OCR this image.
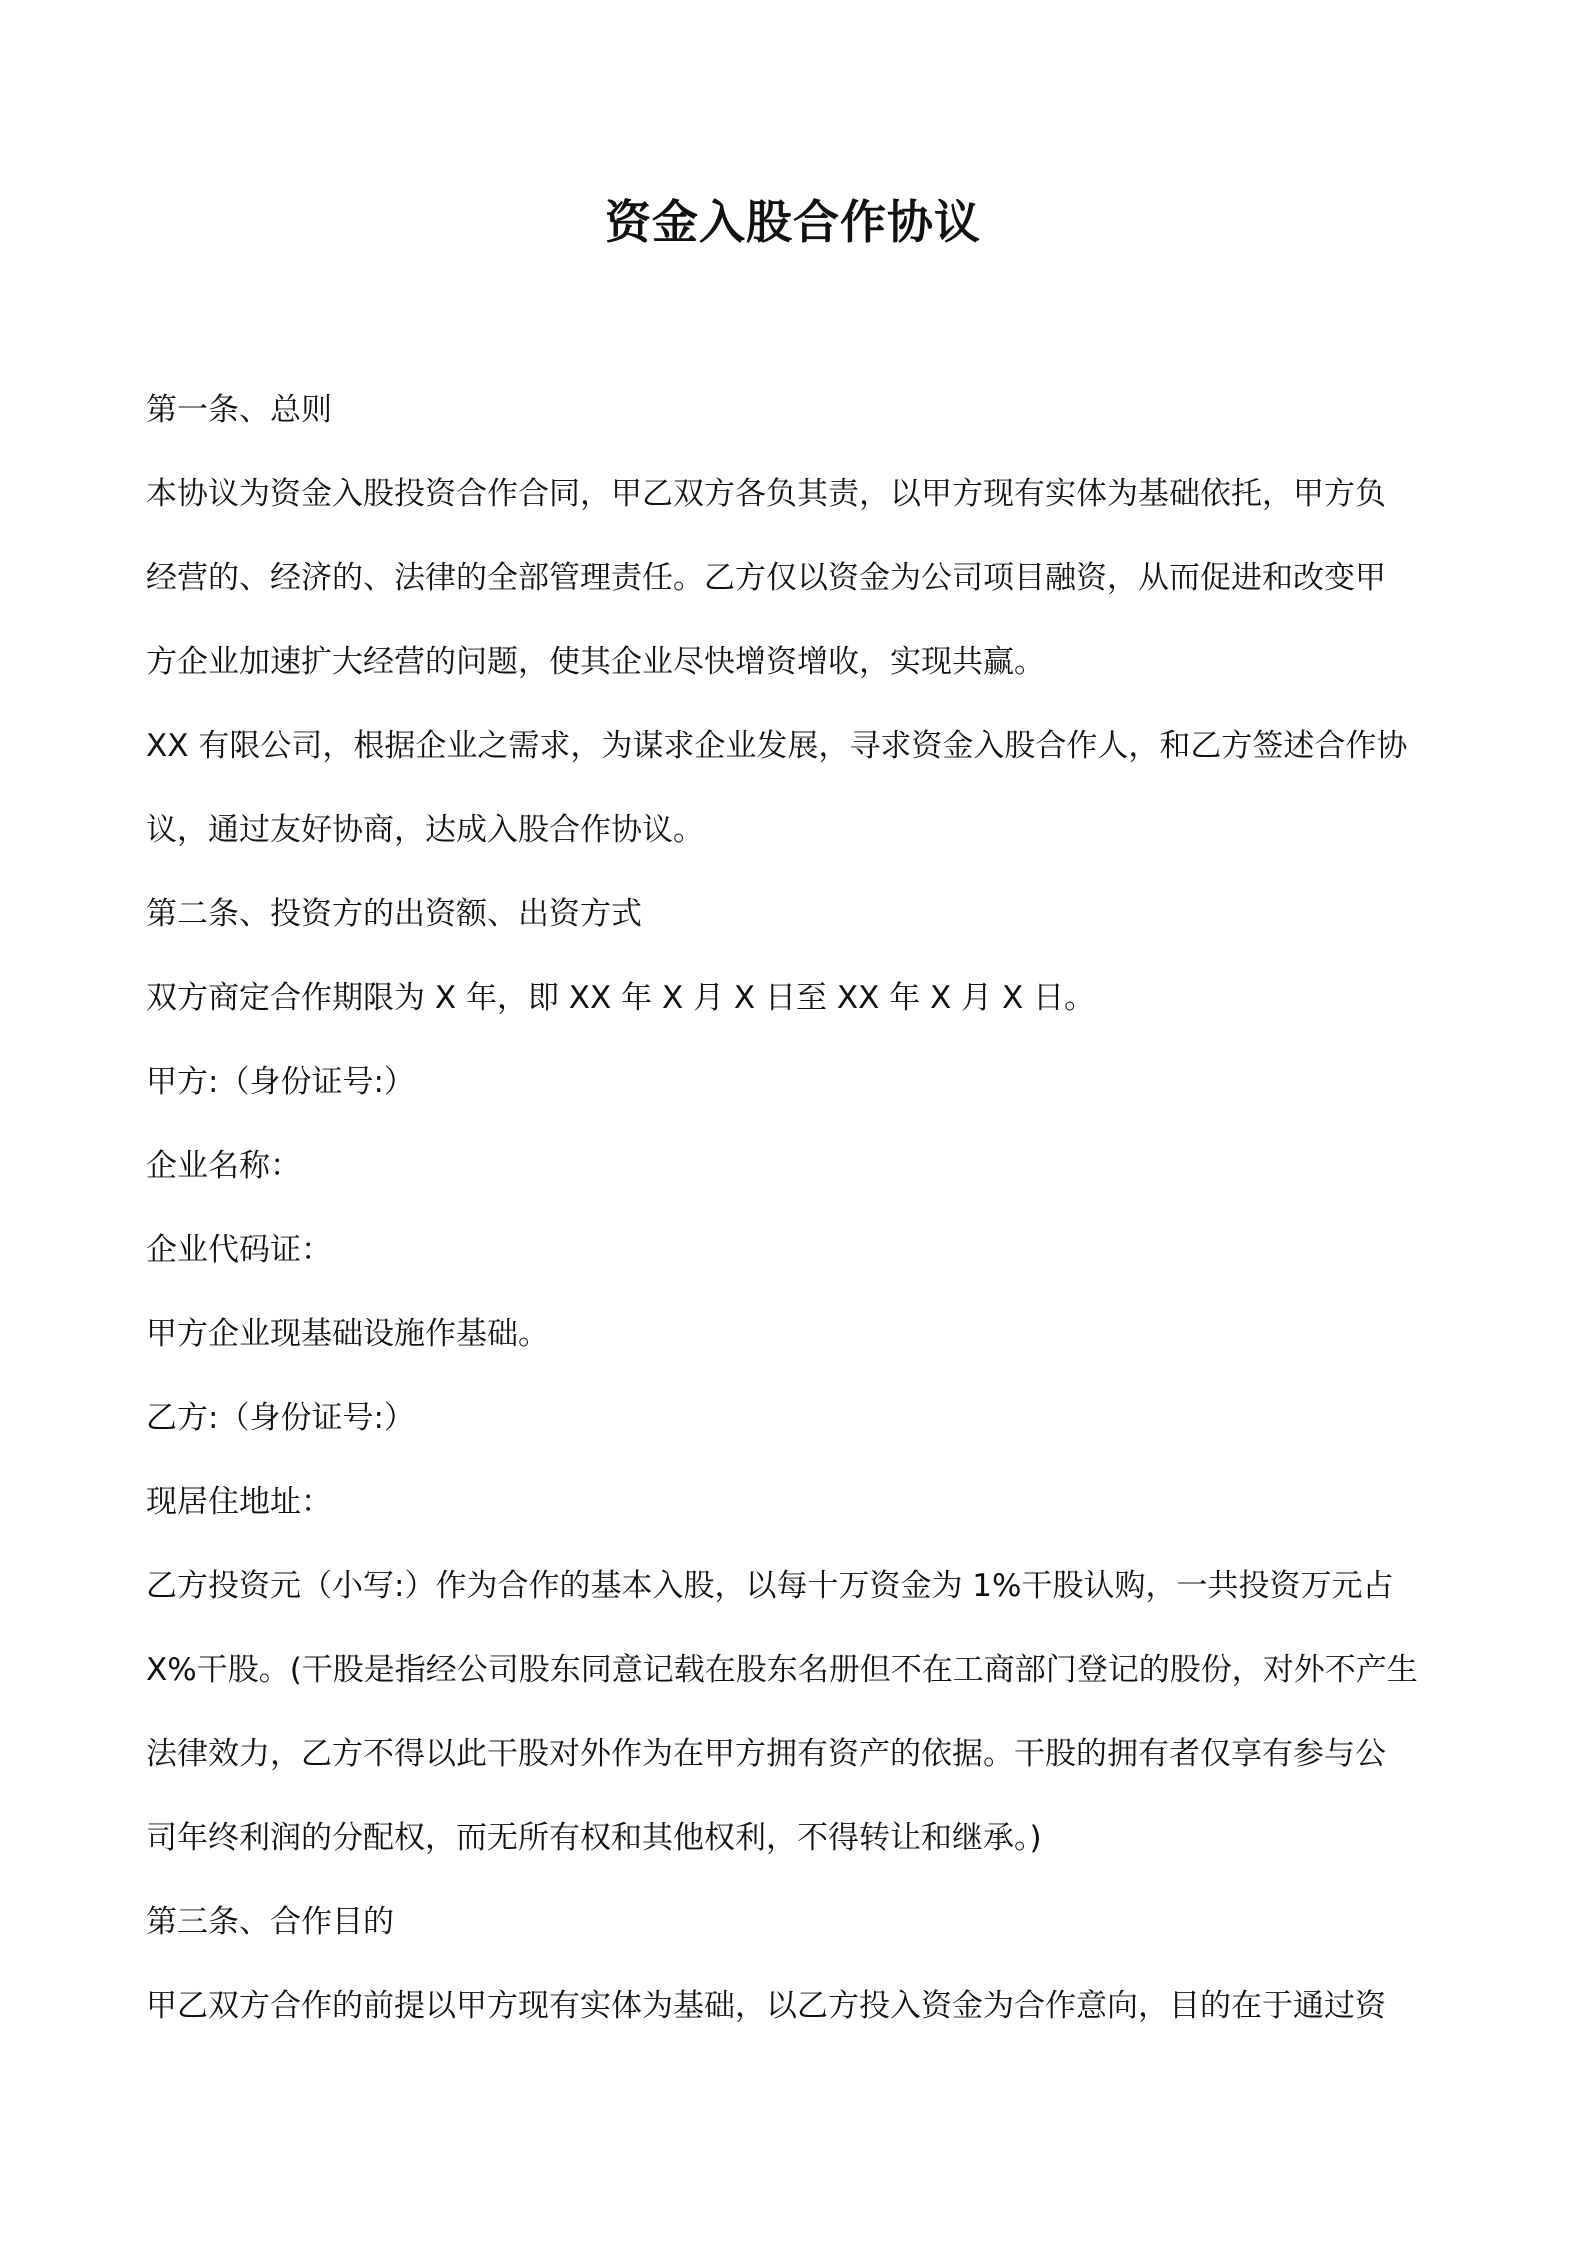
资金入股合作协议

第一条、总则

本协议为资金入股投资合作合同，甲乙双方各负其责，以甲方现有实体为基础依托，甲方负

经营的、经济的、法律的全部管理责任。乙方仅以资金为公司项目融资，从而促进和改变甲

方企业加速扩大经营的问题，使其企业尽快增资增收，实现共赢。

XX 有限公司，根据企业之需求，为谋求企业发展，寻求资金入股合作人，和乙方签述合作协

议，通过友好协商，达成入股合作协议。

第二条、投资方的出资额、出资方式

双方商定合作期限为 X 年，即 XX 年 X 月 X 日至 XX 年 X 月 X 日。

甲方:（身份证号:）

企业名称：

企业代码证：

甲方企业现基础设施作基础。

乙方:（身份证号:）

现居住地址：

乙方投资元（小写:）作为合作的基本入股，以每十万资金为 1%干股认购，一共投资万元占

X%干股。(干股是指经公司股东同意记载在股东名册但不在工商部门登记的股份，对外不产生

法律效力，乙方不得以此干股对外作为在甲方拥有资产的依据。干股的拥有者仅享有参与公

司年终利润的分配权，而无所有权和其他权利，不得转让和继承。)

第三条、合作目的

甲乙双方合作的前提以甲方现有实体为基础，以乙方投入资金为合作意向，目的在于通过资
